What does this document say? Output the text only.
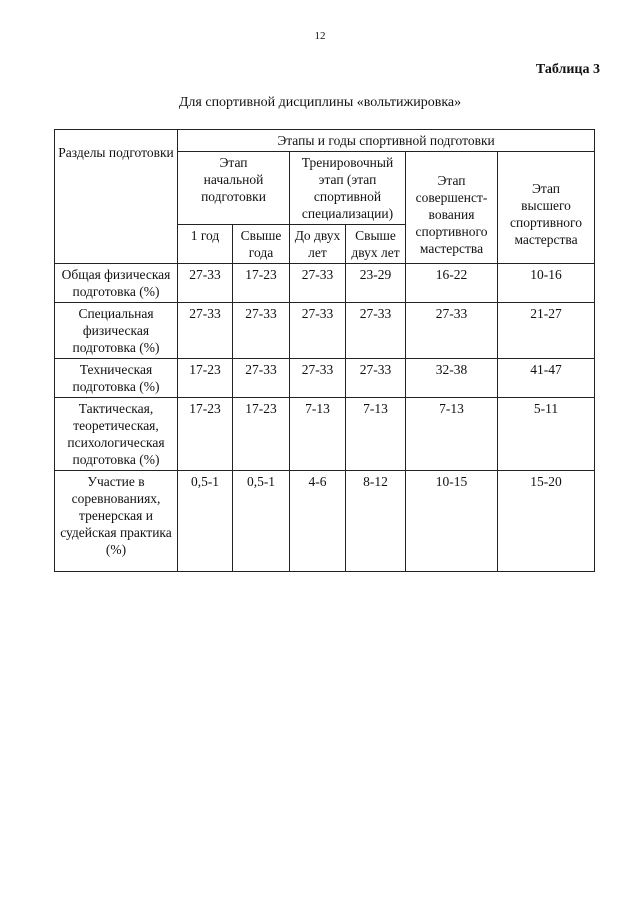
12
Таблица 3
Для спортивной дисциплины «вольтижировка»
Разделы подготовки	Этапы и годы спортивной подготовки					
	Этап начальной подготовки		Тренировочный этап (этап спортивной специализации)		Этап совершенст-вования спортивного мастерства	Этап высшего спортивного мастерства
	1 год	Свыше года	До двух лет	Свыше двух лет		
Общая физическая подготовка (%)	27-33	17-23	27-33	23-29	16-22	10-16
Специальная физическая подготовка (%)	27-33	27-33	27-33	27-33	27-33	21-27
Техническая подготовка (%)	17-23	27-33	27-33	27-33	32-38	41-47
Тактическая, теоретическая, психологическая подготовка (%)	17-23	17-23	7-13	7-13	7-13	5-11
Участие в соревнованиях, тренерская и судейская практика (%)	0,5-1	0,5-1	4-6	8-12	10-15	15-20
